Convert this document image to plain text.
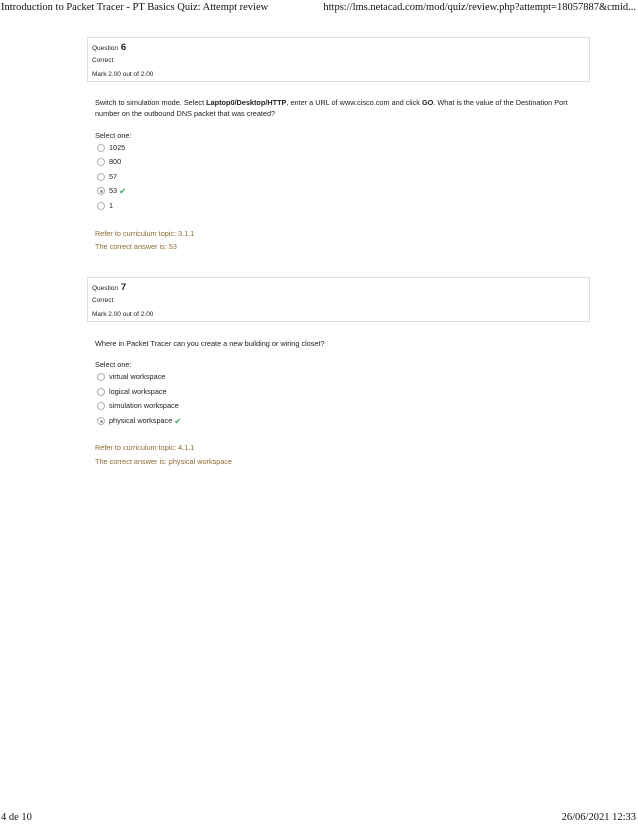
Introduction to Packet Tracer - PT Basics Quiz: Attempt review	https://lms.netacad.com/mod/quiz/review.php?attempt=18057887&cmid...
Question 6
Correct
Mark 2.00 out of 2.00
Switch to simulation mode. Select Laptop0/Desktop/HTTP, enter a URL of www.cisco.com and click GO. What is the value of the Destination Port number on the outbound DNS packet that was created?
Select one:
1025
800
57
53 ✔
1
Refer to curriculum topic: 3.1.1
The correct answer is: 53
Question 7
Correct
Mark 2.00 out of 2.00
Where in Packet Tracer can you create a new building or wiring closet?
Select one:
virtual workspace
logical workspace
simulation workspace
physical workspace ✔
Refer to curriculum topic: 4.1.1
The correct answer is: physical workspace
4 de 10	26/06/2021 12:33
